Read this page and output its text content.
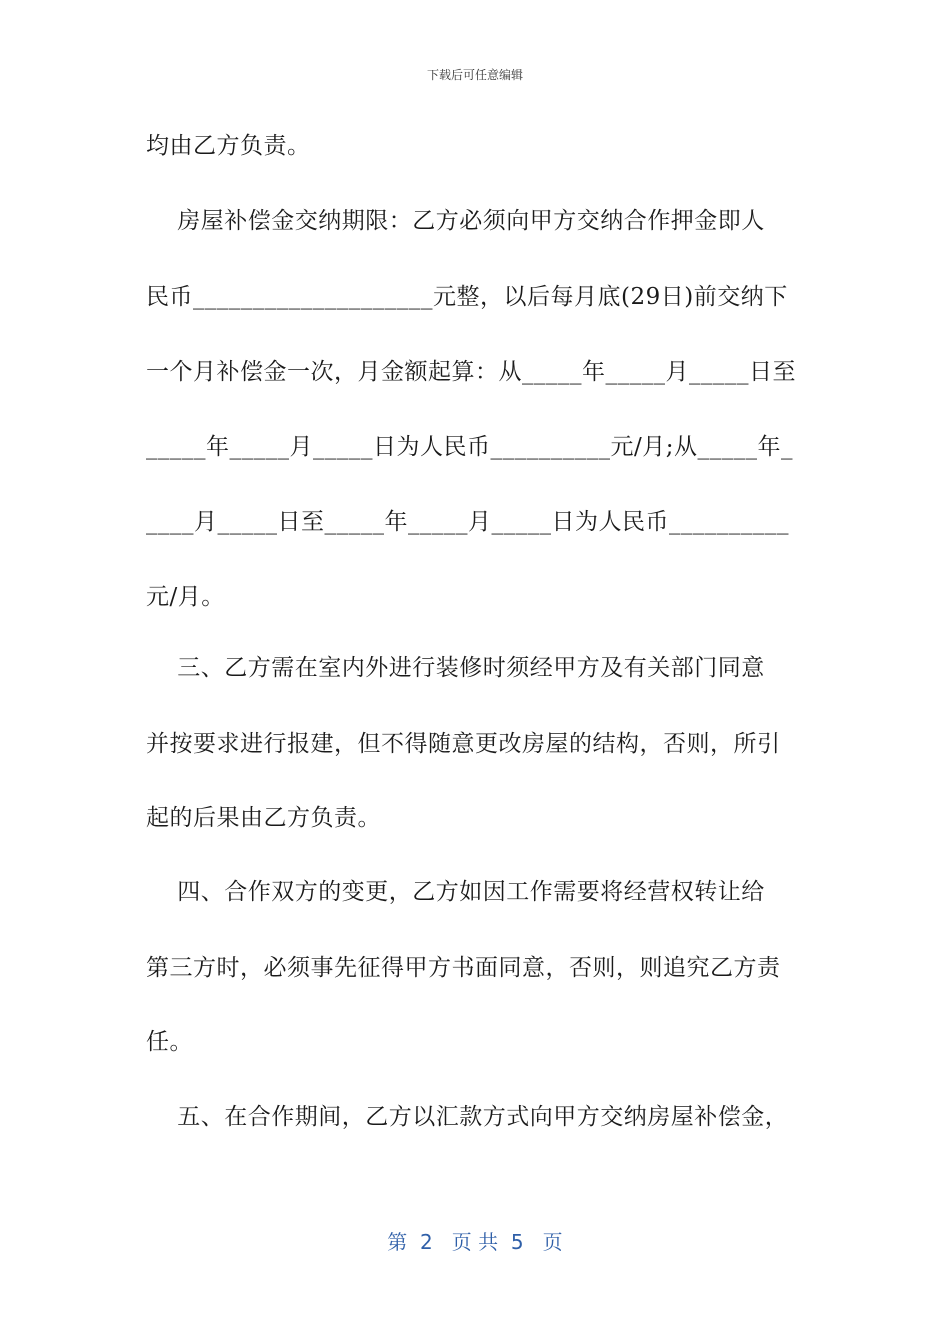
下载后可任意编辑
均由乙方负责。
房屋补偿金交纳期限：乙方必须向甲方交纳合作押金即人
民币____________________元整，以后每月底(29日)前交纳下
一个月补偿金一次，月金额起算：从_____年_____月_____日至
_____年_____月_____日为人民币__________元/月;从_____年_
____月_____日至_____年_____月_____日为人民币__________
元/月。
三、乙方需在室内外进行装修时须经甲方及有关部门同意
并按要求进行报建，但不得随意更改房屋的结构，否则，所引
起的后果由乙方负责。
四、合作双方的变更，乙方如因工作需要将经营权转让给
第三方时，必须事先征得甲方书面同意，否则，则追究乙方责
任。
五、在合作期间，乙方以汇款方式向甲方交纳房屋补偿金，
第  2   页 共  5   页
